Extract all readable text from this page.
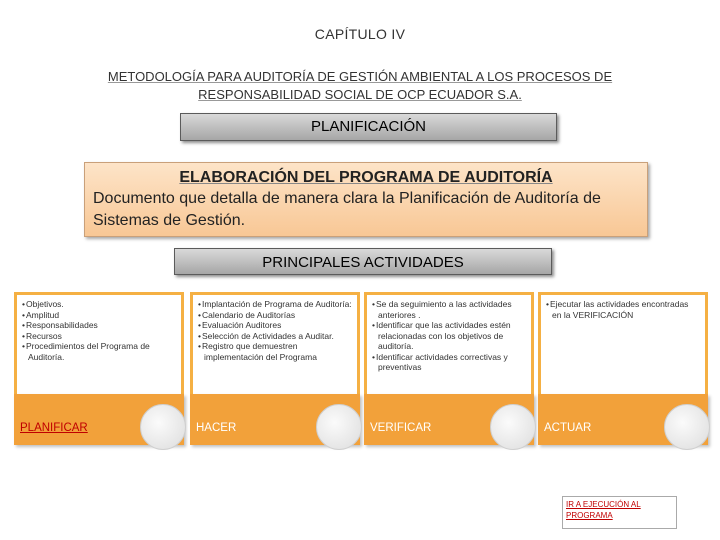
CAPÍTULO IV
METODOLOGÍA PARA AUDITORÍA DE GESTIÓN AMBIENTAL A LOS PROCESOS DE
RESPONSABILIDAD SOCIAL DE OCP ECUADOR S.A.
PLANIFICACIÓN
ELABORACIÓN DEL PROGRAMA DE AUDITORÍA
Documento que detalla de manera clara la Planificación de Auditoría de Sistemas de Gestión.
PRINCIPALES ACTIVIDADES
• Objetivos.
• Amplitud
• Responsabilidades
• Recursos
• Procedimientos del Programa de Auditoría.
PLANIFICAR
• Implantación de Programa de Auditoría:
• Calendario de Auditorías
• Evaluación Auditores
• Selección de Actividades a Auditar.
• Registro que demuestren implementación del Programa
HACER
• Se da seguimiento a las actividades anteriores .
• Identificar que las actividades estén relacionadas con los objetivos de auditoría.
• Identificar actividades correctivas y preventivas
VERIFICAR
• Ejecutar las actividades encontradas en la VERIFICACIÓN
ACTUAR
IR A EJECUCIÓN AL PROGRAMA
